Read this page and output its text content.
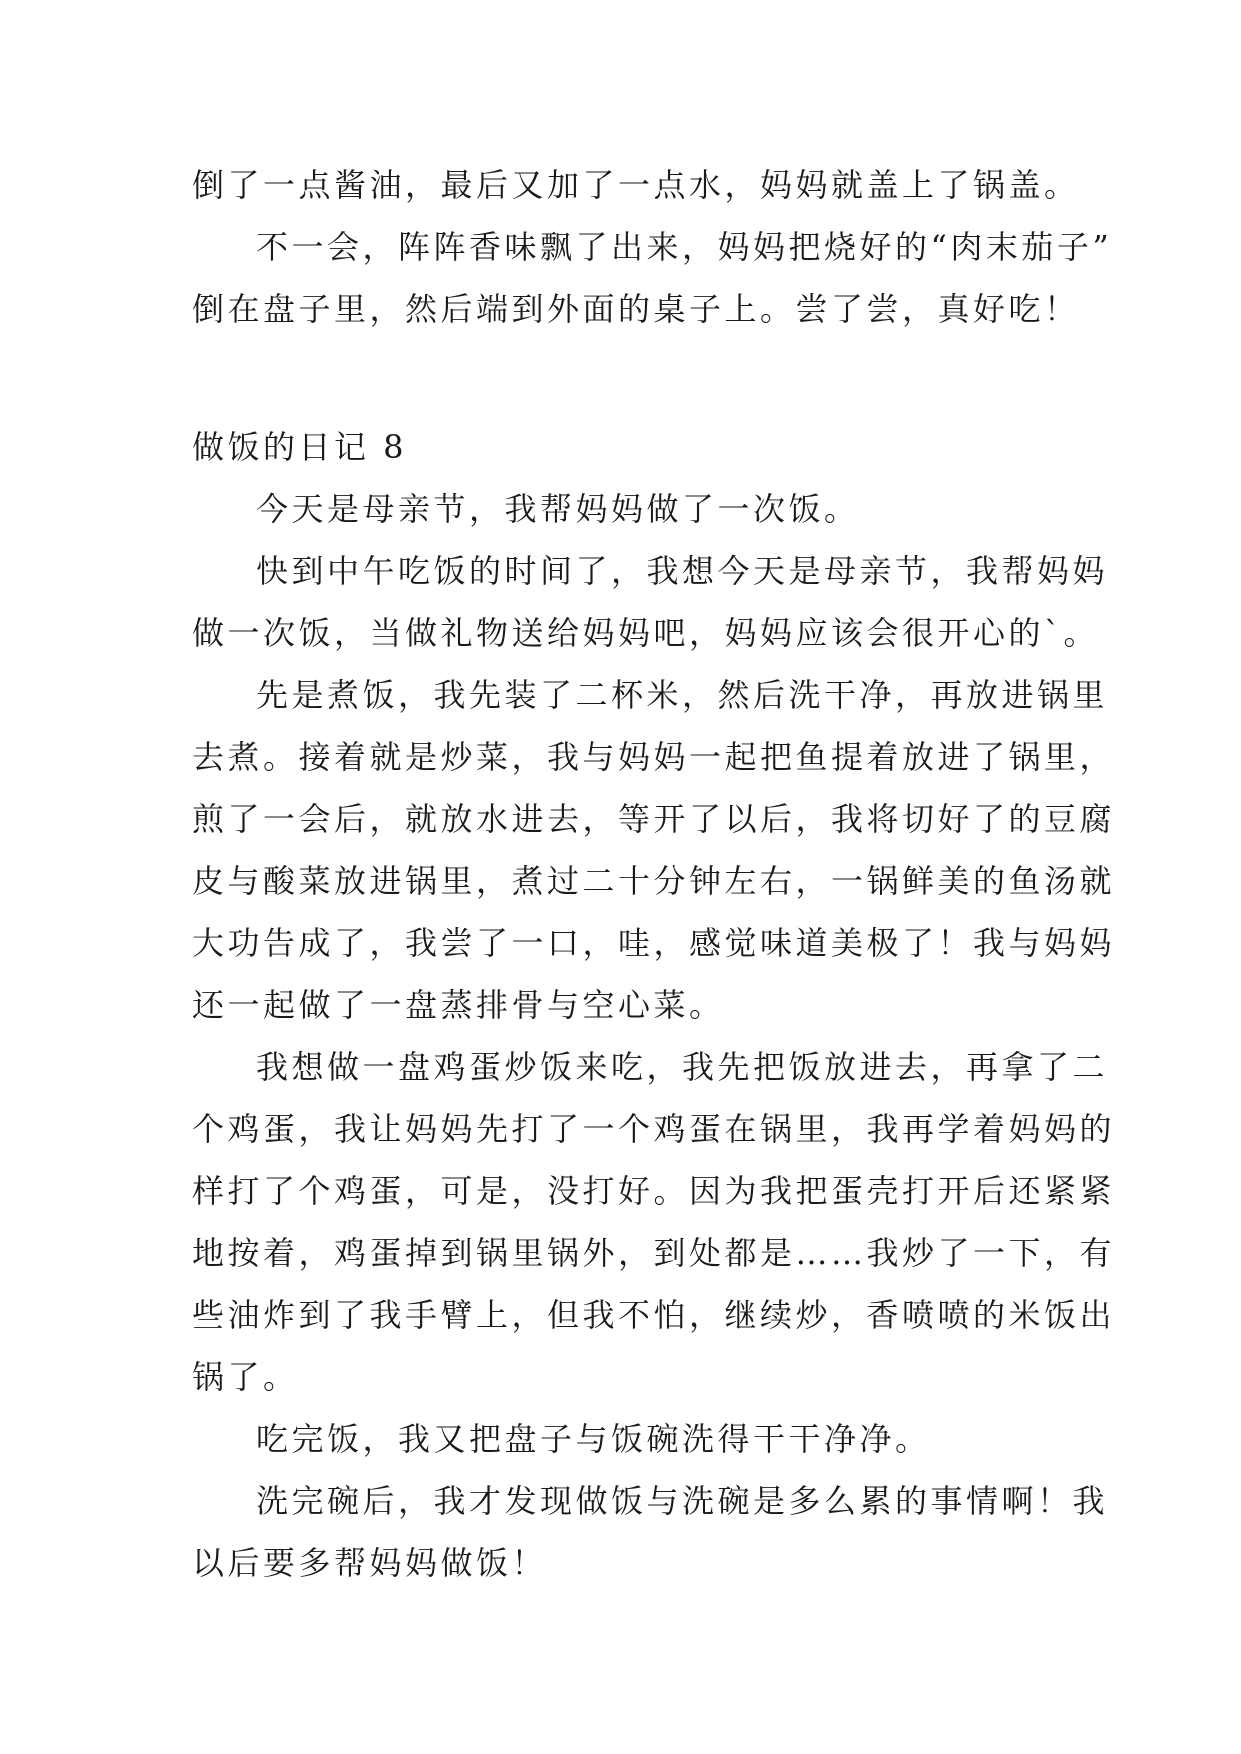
倒了一点酱油，最后又加了一点水，妈妈就盖上了锅盖。

不一会，阵阵香味飘了出来，妈妈把烧好的“肉末茄子”

倒在盘子里，然后端到外面的桌子上。尝了尝，真好吃！

做饭的日记 8

今天是母亲节，我帮妈妈做了一次饭。

快到中午吃饭的时间了，我想今天是母亲节，我帮妈妈

做一次饭，当做礼物送给妈妈吧，妈妈应该会很开心的`。

先是煮饭，我先装了二杯米，然后洗干净，再放进锅里

去煮。接着就是炒菜，我与妈妈一起把鱼提着放进了锅里，

煎了一会后，就放水进去，等开了以后，我将切好了的豆腐

皮与酸菜放进锅里，煮过二十分钟左右，一锅鲜美的鱼汤就

大功告成了，我尝了一口，哇，感觉味道美极了！我与妈妈

还一起做了一盘蒸排骨与空心菜。

我想做一盘鸡蛋炒饭来吃，我先把饭放进去，再拿了二

个鸡蛋，我让妈妈先打了一个鸡蛋在锅里，我再学着妈妈的

样打了个鸡蛋，可是，没打好。因为我把蛋壳打开后还紧紧

地按着，鸡蛋掉到锅里锅外，到处都是……我炒了一下，有

些油炸到了我手臂上，但我不怕，继续炒，香喷喷的米饭出

锅了。

吃完饭，我又把盘子与饭碗洗得干干净净。

洗完碗后，我才发现做饭与洗碗是多么累的事情啊！我

以后要多帮妈妈做饭！
